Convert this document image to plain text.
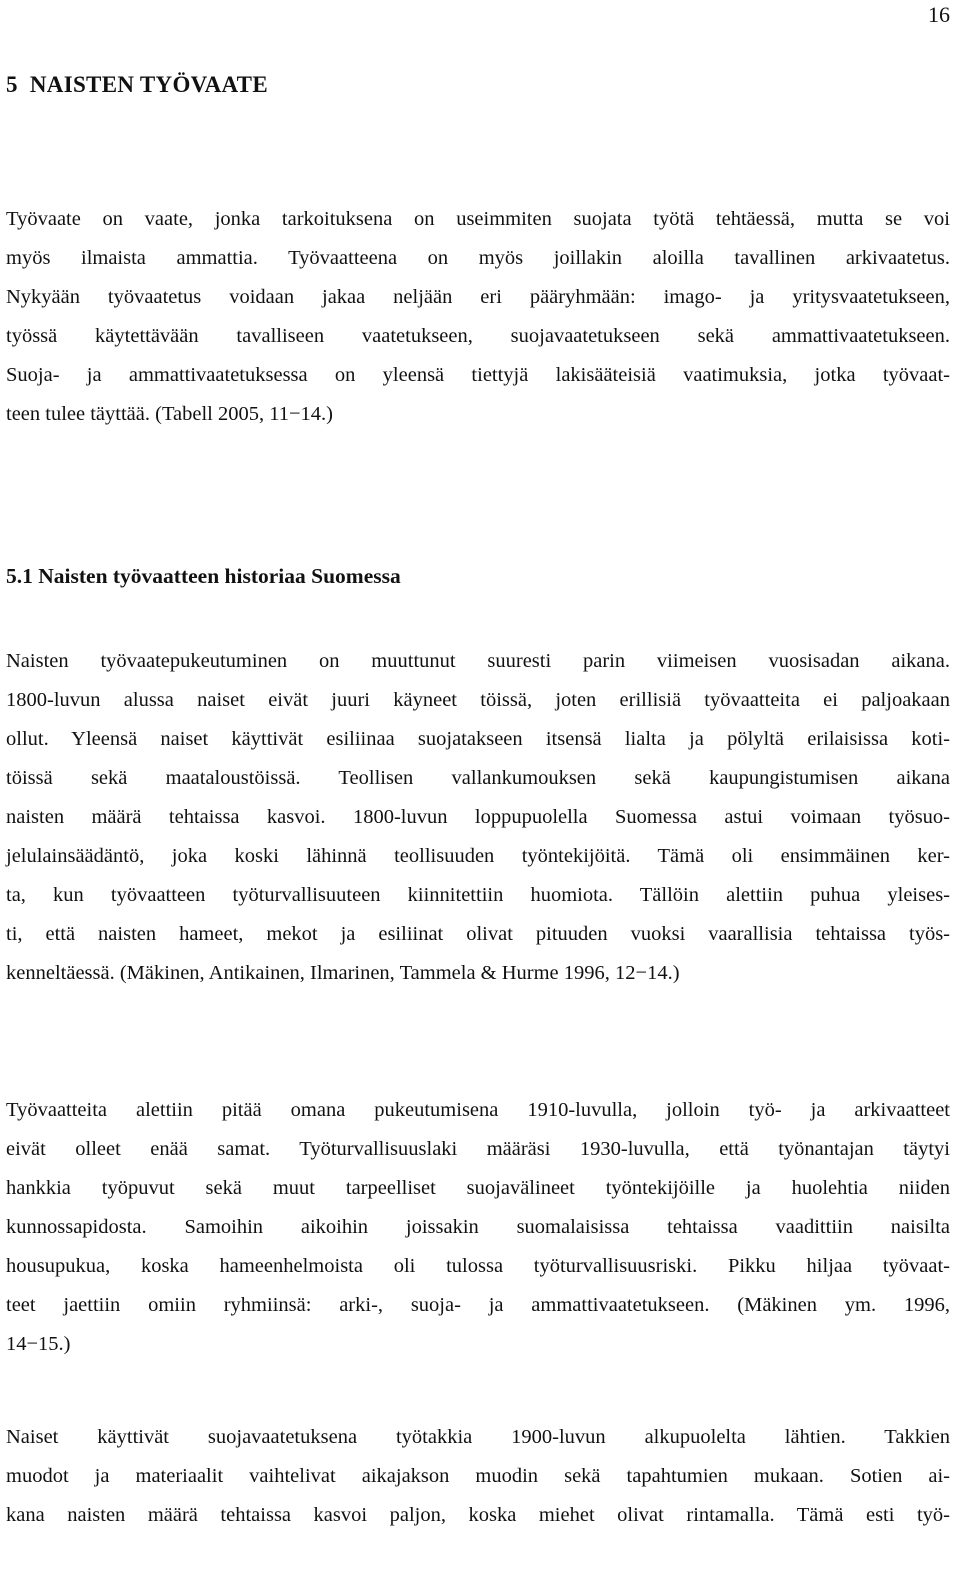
16
5  NAISTEN TYÖVAATE

Työvaate on vaate, jonka tarkoituksena on useimmiten suojata työtä tehtäessä, mutta se voi
myös ilmaista ammattia. Työvaatteena on myös joillakin aloilla tavallinen arkivaatetus.
Nykyään työvaatetus voidaan jakaa neljään eri pääryhmään: imago- ja yritysvaatetukseen,
työssä käytettävään tavalliseen vaatetukseen, suojavaatetukseen sekä ammattivaatetukseen.
Suoja- ja ammattivaatetuksessa on yleensä tiettyjä lakisääteisiä vaatimuksia, jotka työvaat-
teen tulee täyttää. (Tabell 2005, 11−14.)

5.1 Naisten työvaatteen historiaa Suomessa

Naisten työvaatepukeutuminen on muuttunut suuresti parin viimeisen vuosisadan aikana.
1800-luvun alussa naiset eivät juuri käyneet töissä, joten erillisiä työvaatteita ei paljoakaan
ollut. Yleensä naiset käyttivät esiliinaa suojatakseen itsensä lialta ja pölyltä erilaisissa koti-
töissä sekä maataloustöissä. Teollisen vallankumouksen sekä kaupungistumisen aikana
naisten määrä tehtaissa kasvoi. 1800-luvun loppupuolella Suomessa astui voimaan työsuo-
jelulainsäädäntö, joka koski lähinnä teollisuuden työntekijöitä. Tämä oli ensimmäinen ker-
ta, kun työvaatteen työturvallisuuteen kiinnitettiin huomiota. Tällöin alettiin puhua yleises-
ti, että naisten hameet, mekot ja esiliinat olivat pituuden vuoksi vaarallisia tehtaissa työs-
kenneltäessä. (Mäkinen, Antikainen, Ilmarinen, Tammela & Hurme 1996, 12−14.)

Työvaatteita alettiin pitää omana pukeutumisena 1910-luvulla, jolloin työ- ja arkivaatteet
eivät olleet enää samat. Työturvallisuuslaki määräsi 1930-luvulla, että työnantajan täytyi
hankkia työpuvut sekä muut tarpeelliset suojavälineet työntekijöille ja huolehtia niiden
kunnossapidosta. Samoihin aikoihin joissakin suomalaisissa tehtaissa vaadittiin naisilta
housupukua, koska hameenhelmoista oli tulossa työturvallisuusriski. Pikku hiljaa työvaat-
teet jaettiin omiin ryhmiinsä: arki-, suoja- ja ammattivaatetukseen. (Mäkinen ym. 1996,
14−15.)

Naiset käyttivät suojavaatetuksena työtakkia 1900-luvun alkupuolelta lähtien. Takkien
muodot ja materiaalit vaihtelivat aikajakson muodin sekä tapahtumien mukaan. Sotien ai-
kana naisten määrä tehtaissa kasvoi paljon, koska miehet olivat rintamalla. Tämä esti työ-
